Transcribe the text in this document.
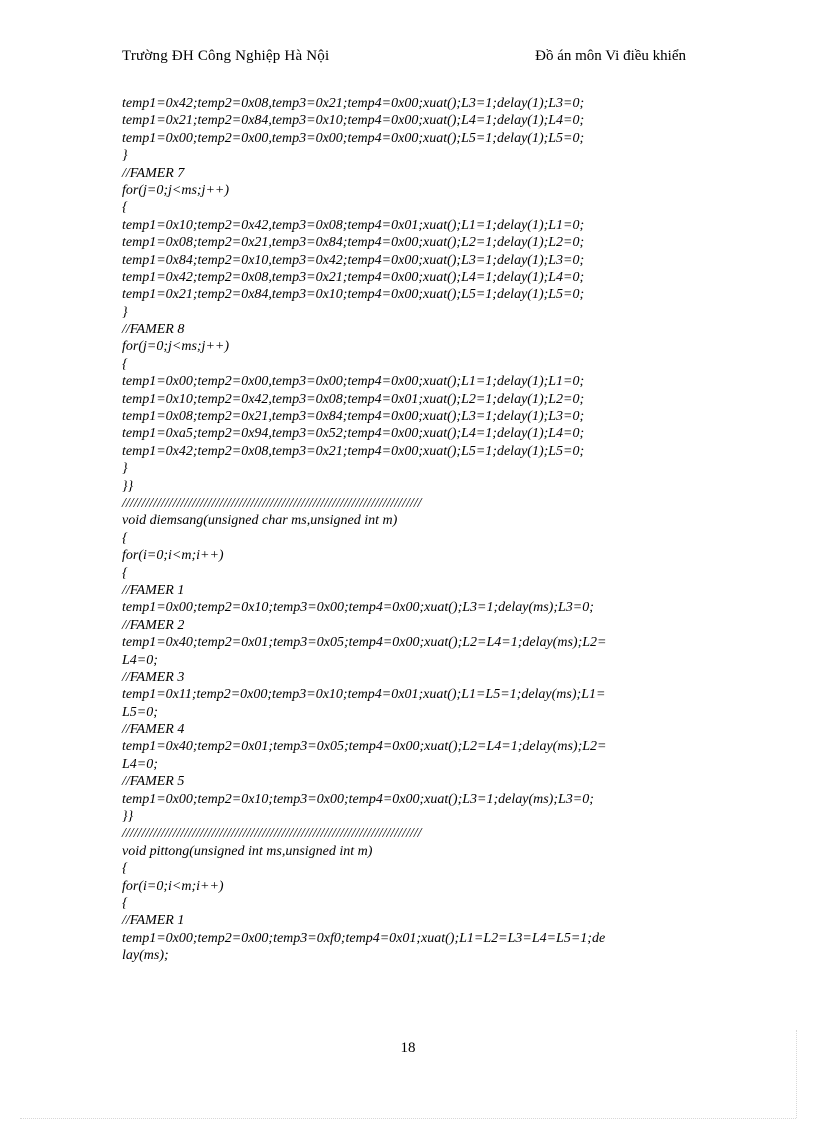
Trường ĐH Công Nghiệp Hà Nội	Đồ án môn Vi điều khiển
temp1=0x42;temp2=0x08,temp3=0x21;temp4=0x00;xuat();L3=1;delay(1);L3=0;
temp1=0x21;temp2=0x84,temp3=0x10;temp4=0x00;xuat();L4=1;delay(1);L4=0;
temp1=0x00;temp2=0x00,temp3=0x00;temp4=0x00;xuat();L5=1;delay(1);L5=0;
}
//FAMER 7
for(j=0;j<ms;j++)
{
temp1=0x10;temp2=0x42,temp3=0x08;temp4=0x01;xuat();L1=1;delay(1);L1=0;
temp1=0x08;temp2=0x21,temp3=0x84;temp4=0x00;xuat();L2=1;delay(1);L2=0;
temp1=0x84;temp2=0x10,temp3=0x42;temp4=0x00;xuat();L3=1;delay(1);L3=0;
temp1=0x42;temp2=0x08,temp3=0x21;temp4=0x00;xuat();L4=1;delay(1);L4=0;
temp1=0x21;temp2=0x84,temp3=0x10;temp4=0x00;xuat();L5=1;delay(1);L5=0;
}
//FAMER 8
for(j=0;j<ms;j++)
{
temp1=0x00;temp2=0x00,temp3=0x00;temp4=0x00;xuat();L1=1;delay(1);L1=0;
temp1=0x10;temp2=0x42,temp3=0x08;temp4=0x01;xuat();L2=1;delay(1);L2=0;
temp1=0x08;temp2=0x21,temp3=0x84;temp4=0x00;xuat();L3=1;delay(1);L3=0;
temp1=0xa5;temp2=0x94,temp3=0x52;temp4=0x00;xuat();L4=1;delay(1);L4=0;
temp1=0x42;temp2=0x08,temp3=0x21;temp4=0x00;xuat();L5=1;delay(1);L5=0;
}
}}
/////////////////////////////////////////////////////////////////////////////
void diemsang(unsigned char ms,unsigned int m)
{
for(i=0;i<m;i++)
{
//FAMER 1
temp1=0x00;temp2=0x10;temp3=0x00;temp4=0x00;xuat();L3=1;delay(ms);L3=0;
//FAMER 2
temp1=0x40;temp2=0x01;temp3=0x05;temp4=0x00;xuat();L2=L4=1;delay(ms);L2=
L4=0;
//FAMER 3
temp1=0x11;temp2=0x00;temp3=0x10;temp4=0x01;xuat();L1=L5=1;delay(ms);L1=
L5=0;
//FAMER 4
temp1=0x40;temp2=0x01;temp3=0x05;temp4=0x00;xuat();L2=L4=1;delay(ms);L2=
L4=0;
//FAMER 5
temp1=0x00;temp2=0x10;temp3=0x00;temp4=0x00;xuat();L3=1;delay(ms);L3=0;
}}
/////////////////////////////////////////////////////////////////////////////
void pittong(unsigned int ms,unsigned int m)
{
for(i=0;i<m;i++)
{
//FAMER 1
temp1=0x00;temp2=0x00;temp3=0xf0;temp4=0x01;xuat();L1=L2=L3=L4=L5=1;de
lay(ms);
18
